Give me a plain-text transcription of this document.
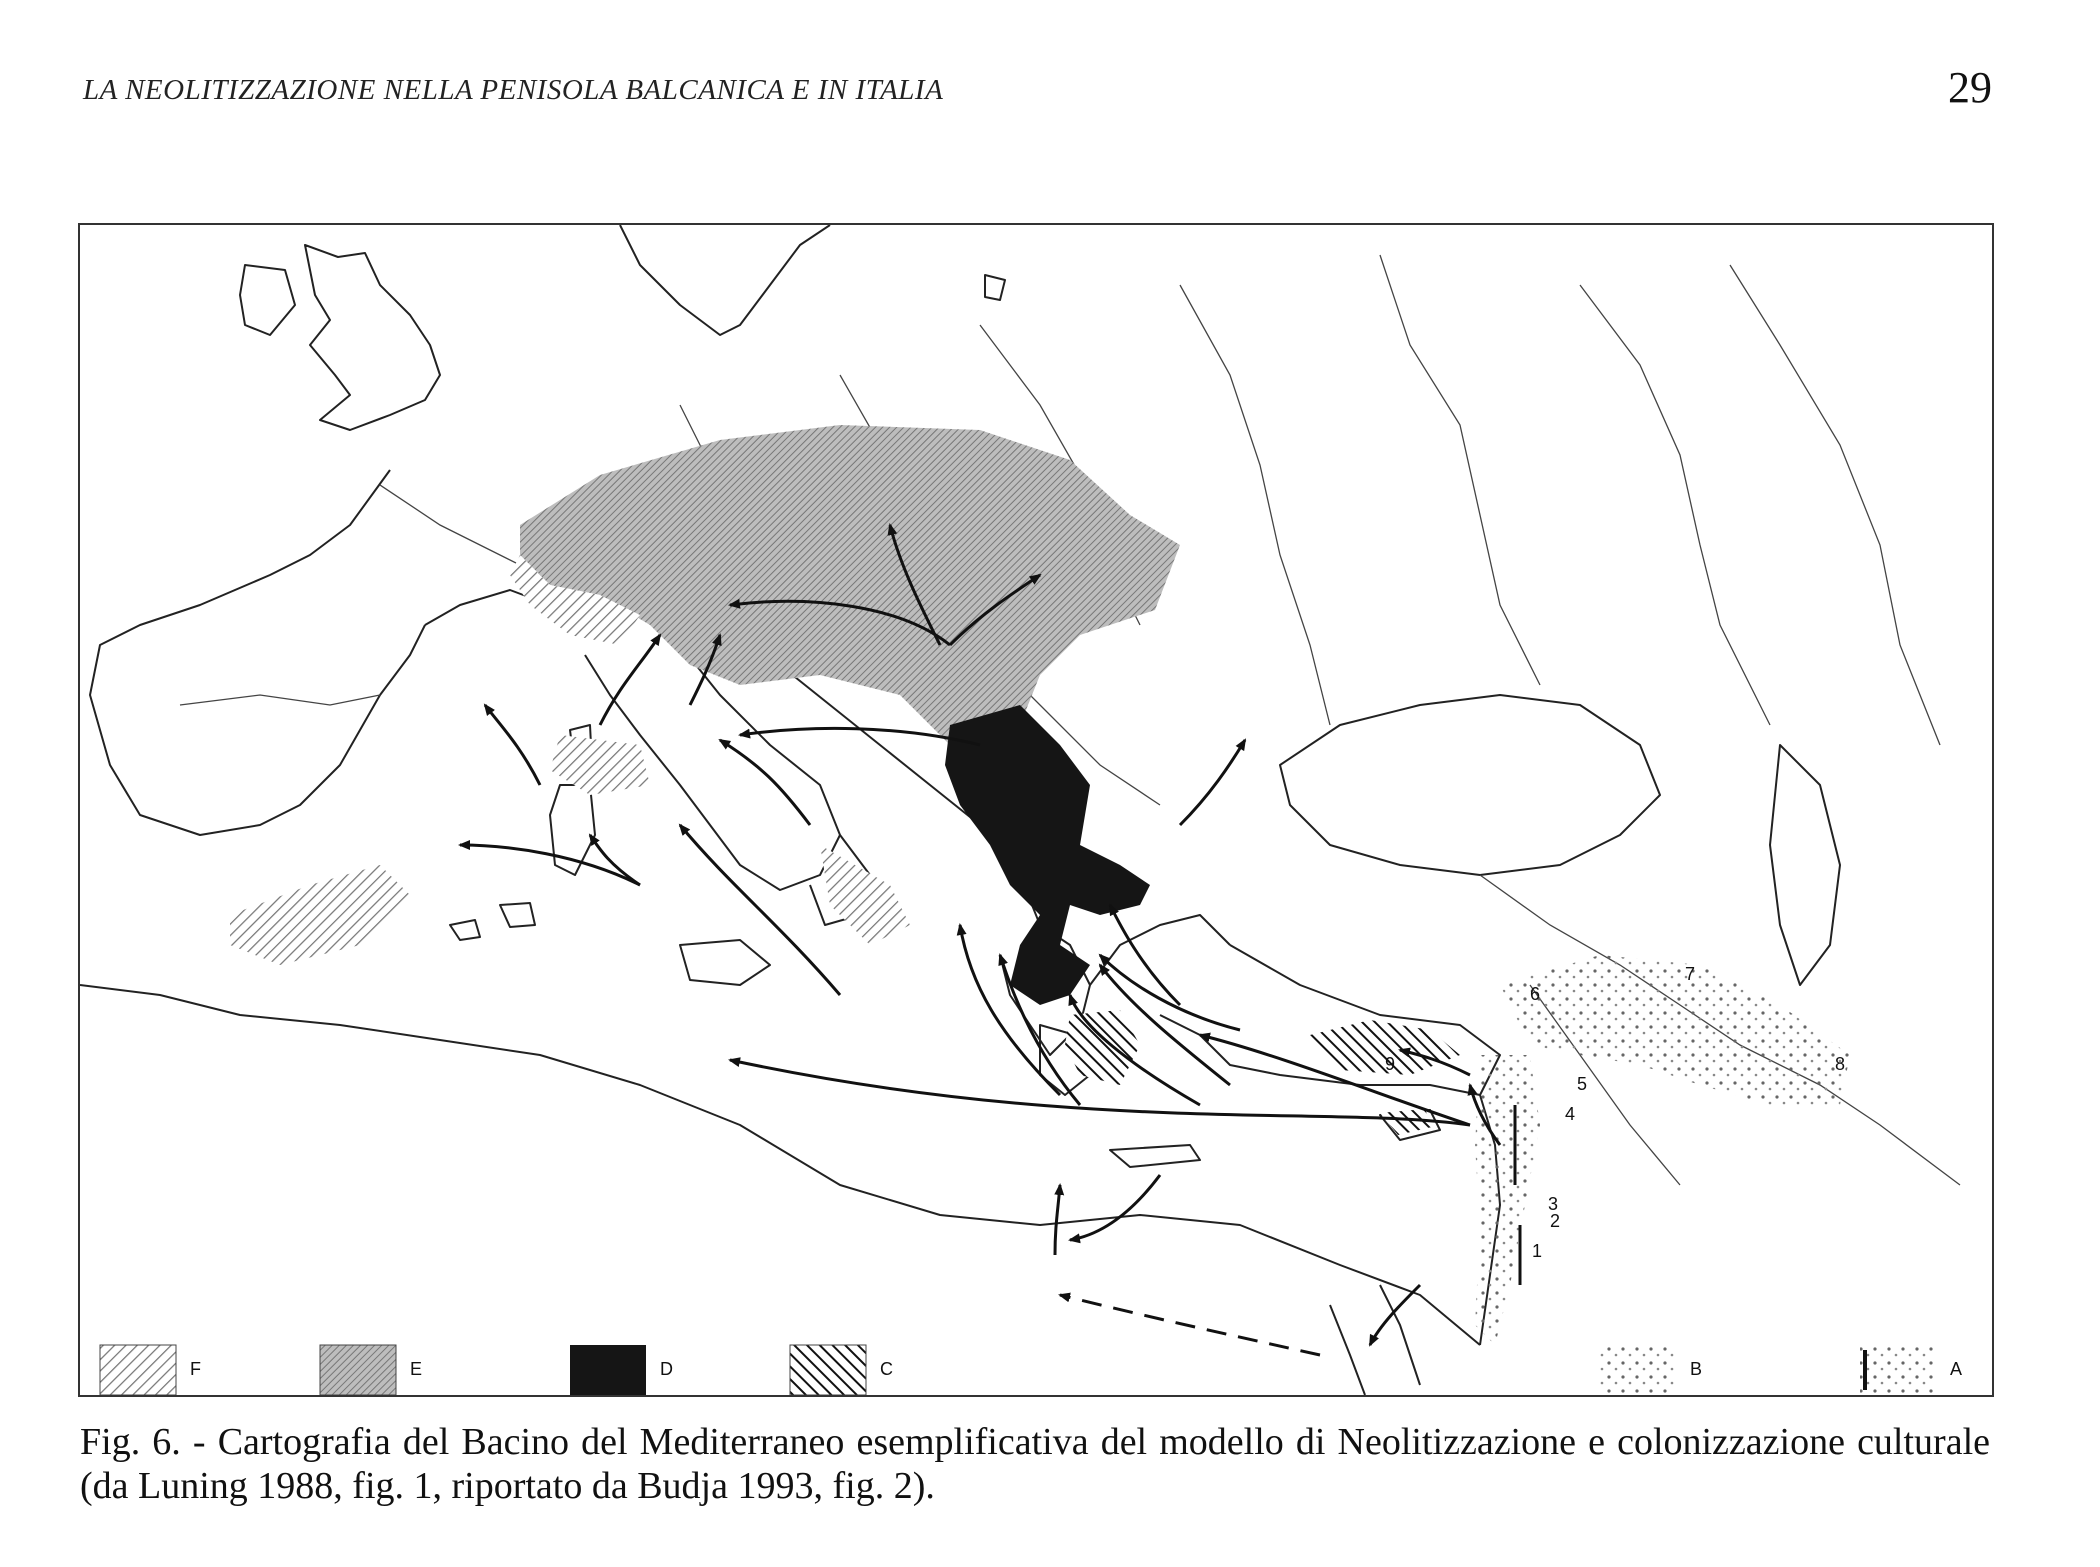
LA NEOLITIZZAZIONE NELLA PENISOLA BALCANICA E IN ITALIA	29
1
2
3
4
5
6
7
8
9
F	E	D	C	B	A
Fig. 6. - Cartografia del Bacino del Mediterraneo esemplificativa del modello di Neolitizzazione e colonizzazione culturale (da Luning 1988, fig. 1, riportato da Budja 1993, fig. 2).
